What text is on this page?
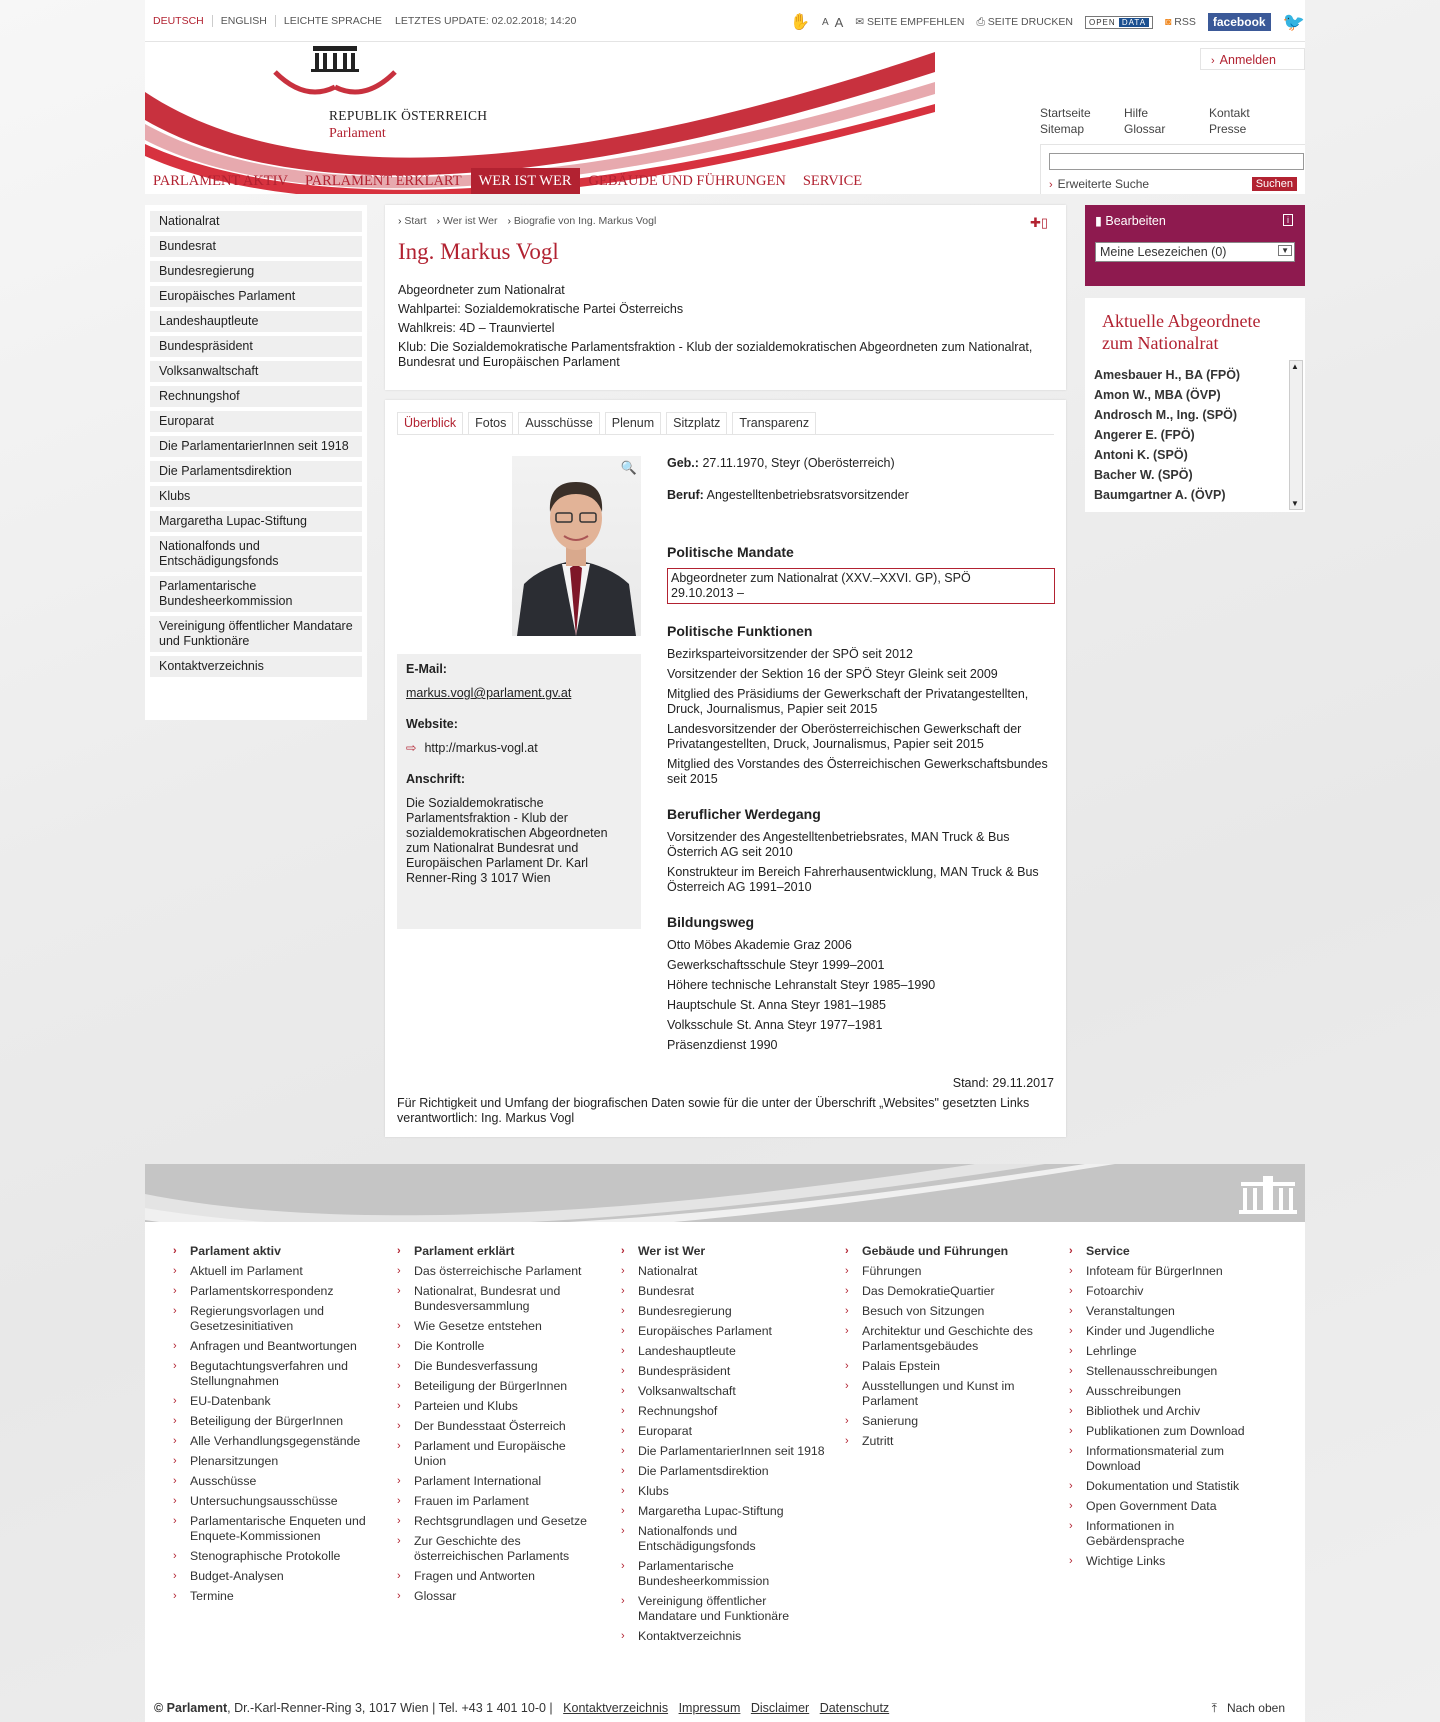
DEUTSCH	ENGLISH	LEICHTE SPRACHE	LETZTES UPDATE: 02.02.2018; 14:20	✋ A A ✉ SEITE EMPFEHLEN ⎙ SEITE DRUCKEN	OPEN DATA	◙ RSS	facebook 🐦
REPUBLIK ÖSTERREICH
Parlament
› Anmelden
Startseite	Hilfe	Kontakt
Sitemap	Glossar	Presse
PARLAMENT AKTIV	PARLAMENT ERKLÄRT	WER IST WER	GEBÄUDE UND FÜHRUNGEN	SERVICE	› Erweiterte Suche	Suchen
Nationalrat
Bundesrat
Bundesregierung
Europäisches Parlament
Landeshauptleute
Bundespräsident
Volksanwaltschaft
Rechnungshof
Europarat
Die ParlamentarierInnen seit 1918
Die Parlamentsdirektion
Klubs
Margaretha Lupac-Stiftung
Nationalfonds und Entschädigungsfonds
Parlamentarische Bundesheerkommission
Vereinigung öffentlicher Mandatare und Funktionäre
Kontaktverzeichnis
› Start	› Wer ist Wer	› Biografie von Ing. Markus Vogl	✚▯
Ing. Markus Vogl

Abgeordneter zum Nationalrat

Wahlpartei: Sozialdemokratische Partei Österreichs

Wahlkreis: 4D – Traunviertel

Klub: Die Sozialdemokratische Parlamentsfraktion - Klub der sozialdemokratischen Abgeordneten zum Nationalrat, Bundesrat und Europäischen Parlament

Überblick	Fotos	Ausschüsse	Plenum	Sitzplatz	Transparenz
🔍
E-Mail:
markus.vogl@parlament.gv.at
Website:
⇨ http://markus-vogl.at
Anschrift:
Die Sozialdemokratische Parlamentsfraktion - Klub der sozialdemokratischen Abgeordneten zum Nationalrat Bundesrat und Europäischen Parlament Dr. Karl Renner-Ring 3 1017 Wien
Geb.: 27.11.1970, Steyr (Oberösterreich)
Beruf: Angestelltenbetriebsratsvorsitzender
Politische Mandate
Abgeordneter zum Nationalrat (XXV.–XXVI. GP), SPÖ
29.10.2013 –
Politische Funktionen
Bezirksparteivorsitzender der SPÖ seit 2012
Vorsitzender der Sektion 16 der SPÖ Steyr Gleink seit 2009
Mitglied des Präsidiums der Gewerkschaft der Privatangestellten, Druck, Journalismus, Papier seit 2015
Landesvorsitzender der Oberösterreichischen Gewerkschaft der Privatangestellten, Druck, Journalismus, Papier seit 2015
Mitglied des Vorstandes des Österreichischen Gewerkschaftsbundes seit 2015
Beruflicher Werdegang
Vorsitzender des Angestelltenbetriebsrates, MAN Truck & Bus Österrich AG seit 2010
Konstrukteur im Bereich Fahrerhausentwicklung, MAN Truck & Bus Österreich AG 1991–2010
Bildungsweg
Otto Möbes Akademie Graz 2006
Gewerkschaftsschule Steyr 1999–2001
Höhere technische Lehranstalt Steyr 1985–1990
Hauptschule St. Anna Steyr 1981–1985
Volksschule St. Anna Steyr 1977–1981
Präsenzdienst 1990
Stand: 29.11.2017
Für Richtigkeit und Umfang der biografischen Daten sowie für die unter der Überschrift „Websites" gesetzten Links verantwortlich: Ing. Markus Vogl
▮ Bearbeiten	i
Meine Lesezeichen (0)	▼
Aktuelle Abgeordnete zum Nationalrat
Amesbauer H., BA (FPÖ)
Amon W., MBA (ÖVP)
Androsch M., Ing. (SPÖ)
Angerer E. (FPÖ)
Antoni K. (SPÖ)
Bacher W. (SPÖ)
Baumgartner A. (ÖVP)
▲
▼
›	Parlament aktiv
›	Aktuell im Parlament
›	Parlamentskorrespondenz
›	Regierungsvorlagen und Gesetzesinitiativen
›	Anfragen und Beantwortungen
›	Begutachtungsverfahren und Stellungnahmen
›	EU-Datenbank
›	Beteiligung der BürgerInnen
›	Alle Verhandlungsgegenstände
›	Plenarsitzungen
›	Ausschüsse
›	Untersuchungsausschüsse
›	Parlamentarische Enqueten und Enquete-Kommissionen
›	Stenographische Protokolle
›	Budget-Analysen
›	Termine
›	Parlament erklärt
›	Das österreichische Parlament
›	Nationalrat, Bundesrat und Bundesversammlung
›	Wie Gesetze entstehen
›	Die Kontrolle
›	Die Bundesverfassung
›	Beteiligung der BürgerInnen
›	Parteien und Klubs
›	Der Bundesstaat Österreich
›	Parlament und Europäische Union
›	Parlament International
›	Frauen im Parlament
›	Rechtsgrundlagen und Gesetze
›	Zur Geschichte des österreichischen Parlaments
›	Fragen und Antworten
›	Glossar
›	Wer ist Wer
›	Nationalrat
›	Bundesrat
›	Bundesregierung
›	Europäisches Parlament
›	Landeshauptleute
›	Bundespräsident
›	Volksanwaltschaft
›	Rechnungshof
›	Europarat
›	Die ParlamentarierInnen seit 1918
›	Die Parlamentsdirektion
›	Klubs
›	Margaretha Lupac-Stiftung
›	Nationalfonds und Entschädigungsfonds
›	Parlamentarische Bundesheerkommission
›	Vereinigung öffentlicher Mandatare und Funktionäre
›	Kontaktverzeichnis
›	Gebäude und Führungen
›	Führungen
›	Das DemokratieQuartier
›	Besuch von Sitzungen
›	Architektur und Geschichte des Parlamentsgebäudes
›	Palais Epstein
›	Ausstellungen und Kunst im Parlament
›	Sanierung
›	Zutritt
›	Service
›	Infoteam für BürgerInnen
›	Fotoarchiv
›	Veranstaltungen
›	Kinder und Jugendliche
›	Lehrlinge
›	Stellenausschreibungen
›	Ausschreibungen
›	Bibliothek und Archiv
›	Publikationen zum Download
›	Informationsmaterial zum Download
›	Dokumentation und Statistik
›	Open Government Data
›	Informationen in Gebärdensprache
›	Wichtige Links
© Parlament, Dr.-Karl-Renner-Ring 3, 1017 Wien | Tel. +43 1 401 10-0 | Kontaktverzeichnis Impressum Disclaimer Datenschutz	⤒   Nach oben
